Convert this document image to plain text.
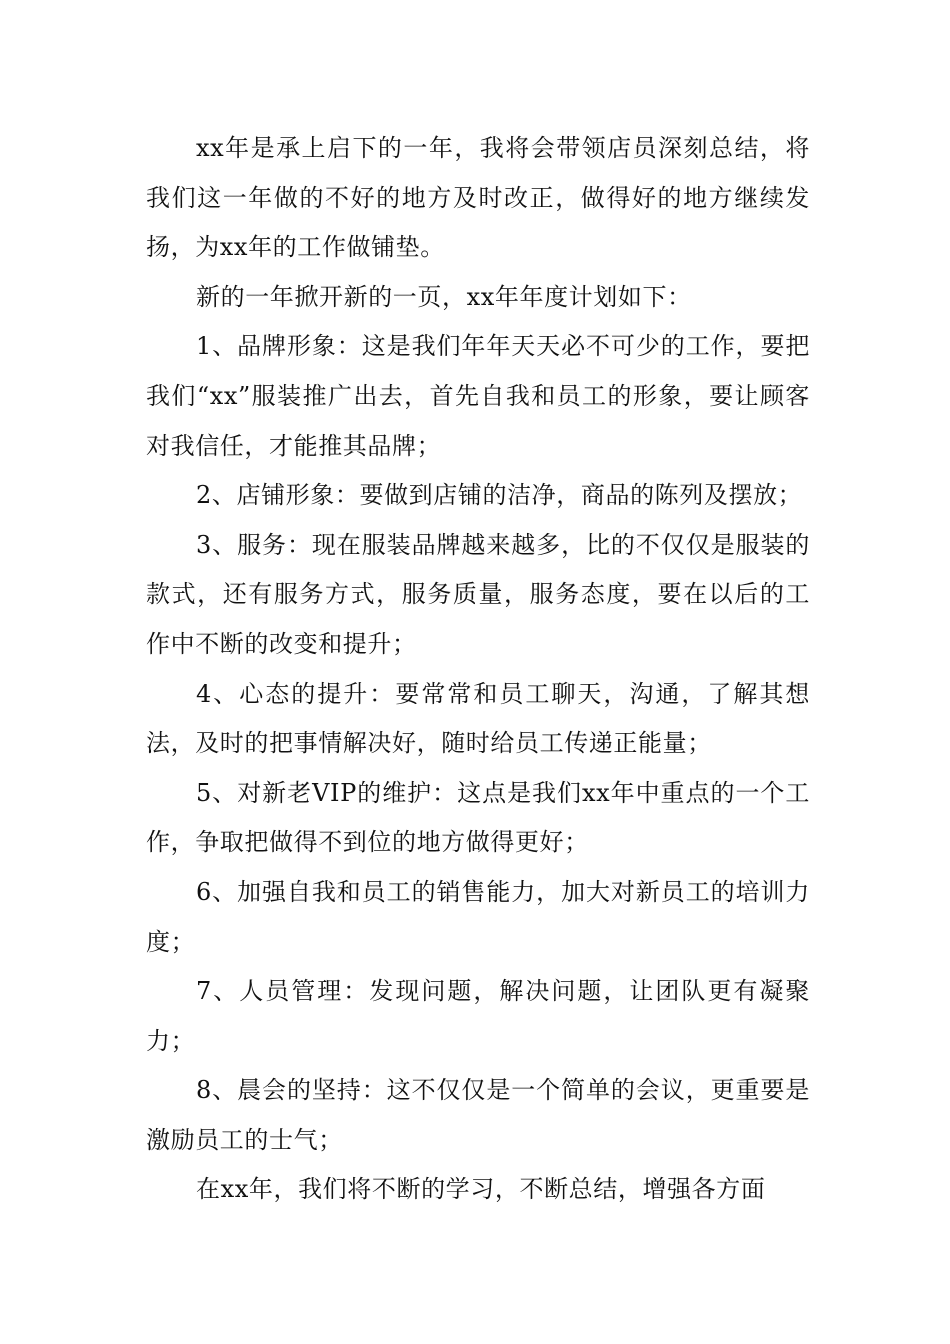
xx年是承上启下的一年，我将会带领店员深刻总结，将我们这一年做的不好的地方及时改正，做得好的地方继续发扬，为xx年的工作做铺垫。

新的一年掀开新的一页，xx年年度计划如下：

1、品牌形象：这是我们年年天天必不可少的工作，要把我们“xx”服装推广出去，首先自我和员工的形象，要让顾客对我信任，才能推其品牌；

2、店铺形象：要做到店铺的洁净，商品的陈列及摆放；

3、服务：现在服装品牌越来越多，比的不仅仅是服装的款式，还有服务方式，服务质量，服务态度，要在以后的工作中不断的改变和提升；

4、心态的提升：要常常和员工聊天，沟通，了解其想法，及时的把事情解决好，随时给员工传递正能量；

5、对新老VIP的维护：这点是我们xx年中重点的一个工作，争取把做得不到位的地方做得更好；

6、加强自我和员工的销售能力，加大对新员工的培训力度；

7、人员管理：发现问题，解决问题，让团队更有凝聚力；

8、晨会的坚持：这不仅仅是一个简单的会议，更重要是激励员工的士气；

在xx年，我们将不断的学习，不断总结，增强各方面
